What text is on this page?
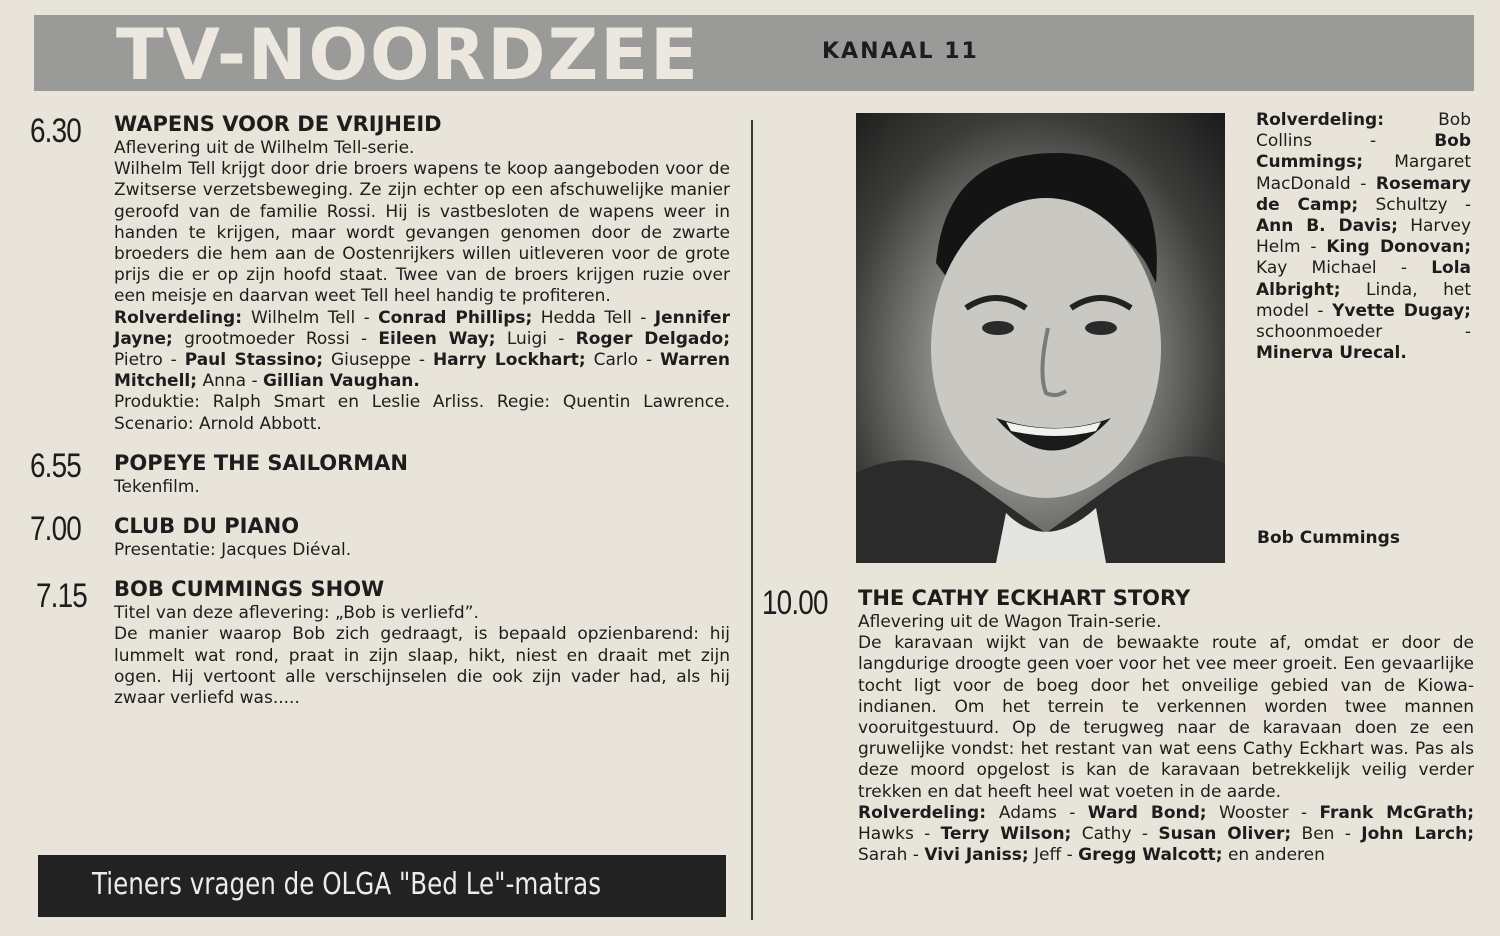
TV-NOORDZEE	KANAAL 11
6.30 WAPENS VOOR DE VRIJHEID

Aflevering uit de Wilhelm Tell-serie.

Wilhelm Tell krijgt door drie broers wapens te koop aangeboden voor de Zwitserse verzetsbeweging. Ze zijn echter op een afschuwelijke manier geroofd van de familie Rossi. Hij is vastbesloten de wapens weer in handen te krijgen, maar wordt gevangen genomen door de zwarte broeders die hem aan de Oostenrijkers willen uitleveren voor de grote prijs die er op zijn hoofd staat. Twee van de broers krijgen ruzie over een meisje en daarvan weet Tell heel handig te profiteren.

Rolverdeling: Wilhelm Tell - Conrad Phillips; Hedda Tell - Jennifer Jayne; grootmoeder Rossi - Eileen Way; Luigi - Roger Delgado; Pietro - Paul Stassino; Giuseppe - Harry Lockhart; Carlo - Warren Mitchell; Anna - Gillian Vaughan.

Produktie: Ralph Smart en Leslie Arliss. Regie: Quentin Lawrence. Scenario: Arnold Abbott.

6.55 POPEYE THE SAILORMAN

Tekenfilm.

7.00 CLUB DU PIANO

Presentatie: Jacques Diéval.

7.15 BOB CUMMINGS SHOW

Titel van deze aflevering: „Bob is verliefd”.

De manier waarop Bob zich gedraagt, is bepaald opzienbarend: hij lummelt wat rond, praat in zijn slaap, hikt, niest en draait met zijn ogen. Hij vertoont alle verschijnselen die ook zijn vader had, als hij zwaar verliefd was.....

Tieners vragen de OLGA "Bed Le"-matras
Rolverdeling: Bob Collins - Bob Cummings; Margaret MacDonald - Rosemary de Camp; Schultzy - Ann B. Davis; Harvey Helm - King Donovan; Kay Michael - Lola Albright; Linda, het model - Yvette Dugay; schoonmoeder - Minerva Urecal.
Bob Cummings
10.00 THE CATHY ECKHART STORY

Aflevering uit de Wagon Train-serie.

De karavaan wijkt van de bewaakte route af, omdat er door de langdurige droogte geen voer voor het vee meer groeit. Een gevaarlijke tocht ligt voor de boeg door het onveilige gebied van de Kiowa-indianen. Om het terrein te verkennen worden twee mannen vooruitgestuurd. Op de terugweg naar de karavaan doen ze een gruwelijke vondst: het restant van wat eens Cathy Eckhart was. Pas als deze moord opgelost is kan de karavaan betrekkelijk veilig verder trekken en dat heeft heel wat voeten in de aarde.

Rolverdeling: Adams - Ward Bond; Wooster - Frank McGrath; Hawks - Terry Wilson; Cathy - Susan Oliver; Ben - John Larch; Sarah - Vivi Janiss; Jeff - Gregg Walcott; en anderen
